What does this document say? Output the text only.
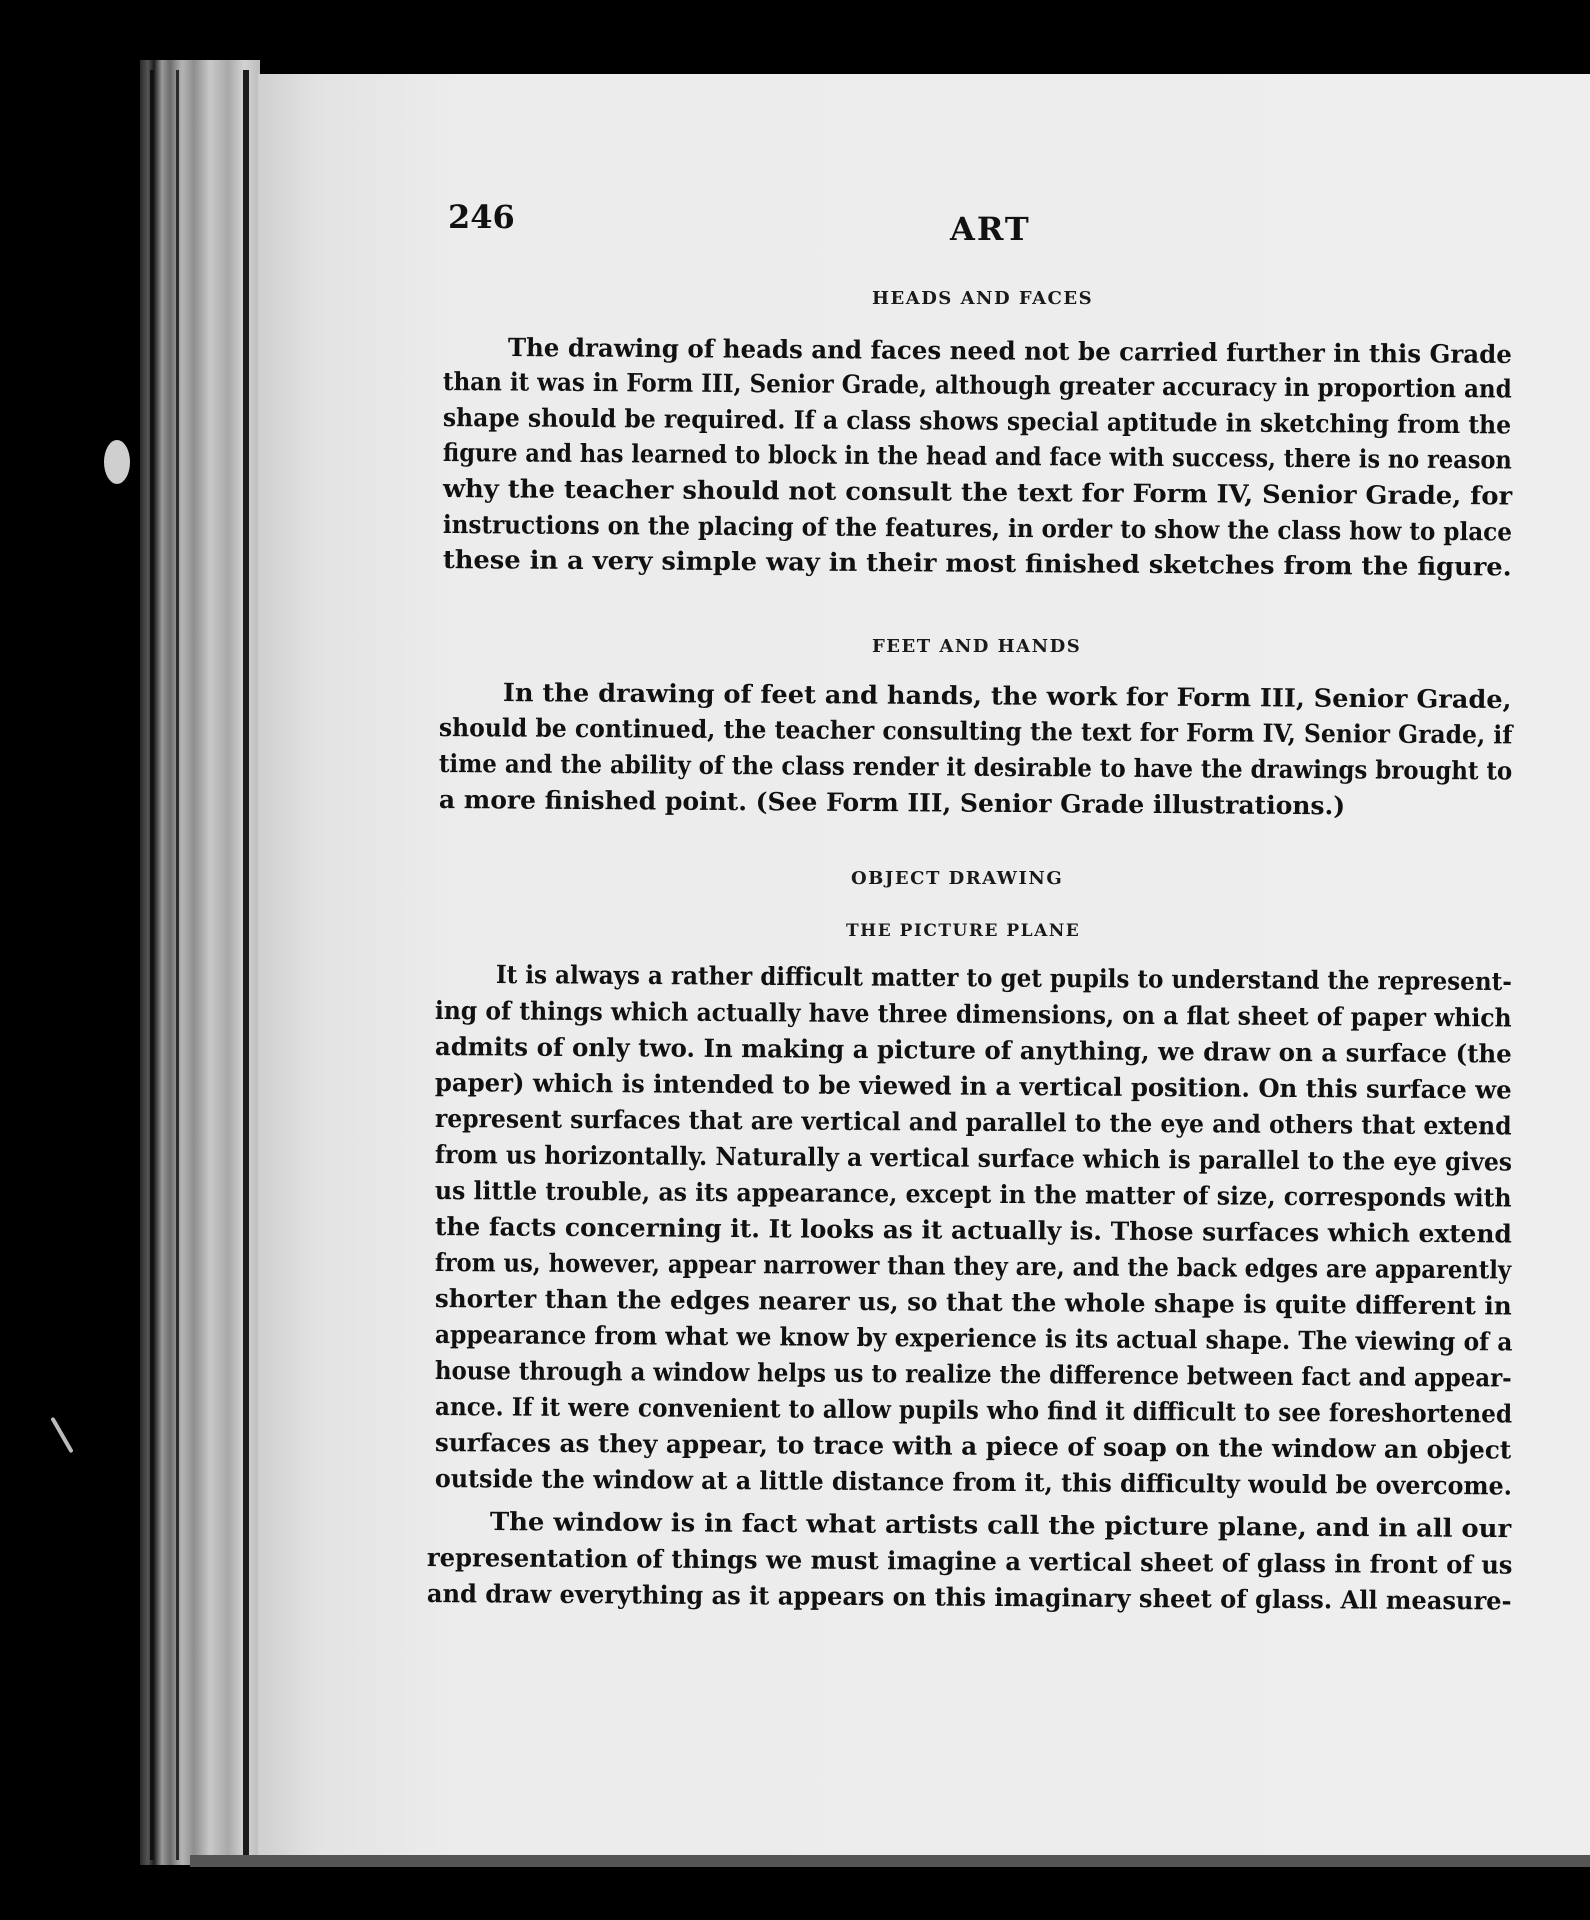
246	ART
HEADS AND FACES
The drawing of heads and faces need not be carried further in this Grade
than it was in Form III, Senior Grade, although greater accuracy in proportion and
shape should be required. If a class shows special aptitude in sketching from the
figure and has learned to block in the head and face with success, there is no reason
why the teacher should not consult the text for Form IV, Senior Grade, for
instructions on the placing of the features, in order to show the class how to place
these in a very simple way in their most finished sketches from the figure.
FEET AND HANDS
In the drawing of feet and hands, the work for Form III, Senior Grade,
should be continued, the teacher consulting the text for Form IV, Senior Grade, if
time and the ability of the class render it desirable to have the drawings brought to
a more finished point. (See Form III, Senior Grade illustrations.)
OBJECT DRAWING
THE PICTURE PLANE
It is always a rather difficult matter to get pupils to understand the represent-
ing of things which actually have three dimensions, on a flat sheet of paper which
admits of only two. In making a picture of anything, we draw on a surface (the
paper) which is intended to be viewed in a vertical position. On this surface we
represent surfaces that are vertical and parallel to the eye and others that extend
from us horizontally. Naturally a vertical surface which is parallel to the eye gives
us little trouble, as its appearance, except in the matter of size, corresponds with
the facts concerning it. It looks as it actually is. Those surfaces which extend
from us, however, appear narrower than they are, and the back edges are apparently
shorter than the edges nearer us, so that the whole shape is quite different in
appearance from what we know by experience is its actual shape. The viewing of a
house through a window helps us to realize the difference between fact and appear-
ance. If it were convenient to allow pupils who find it difficult to see foreshortened
surfaces as they appear, to trace with a piece of soap on the window an object
outside the window at a little distance from it, this difficulty would be overcome.
The window is in fact what artists call the picture plane, and in all our
representation of things we must imagine a vertical sheet of glass in front of us
and draw everything as it appears on this imaginary sheet of glass. All measure-
